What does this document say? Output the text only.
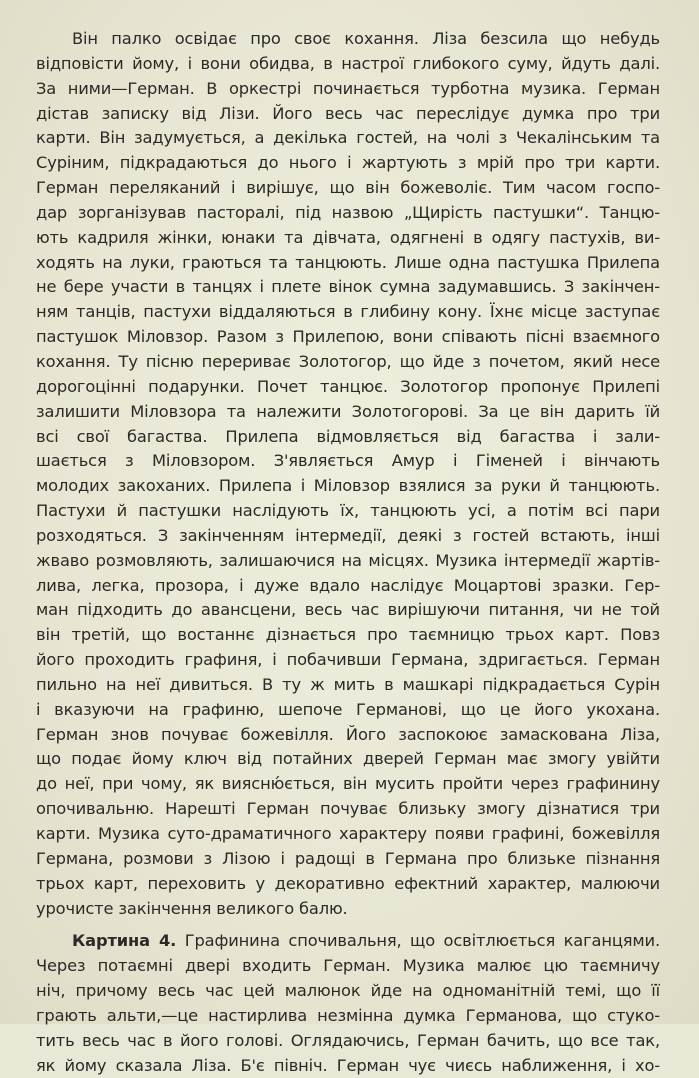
Він палко освідає про своє кохання. Ліза безсила що небудь
відповісти йому, і вони обидва, в настрої глибокого суму, йдуть далі.
За ними—Герман. В оркестрі починається турботна музика. Герман
дістав записку від Лізи. Його весь час переслідує думка про три
карти. Він задумується, а декілька гостей, на чолі з Чекалінським та
Суріним, підкрадаються до нього і жартують з мрій про три карти.
Герман переляканий і вирішує, що він божеволіє. Тим часом госпо-
дар зорганізував пасторалі, під назвою „Щирість пастушки“. Танцю-
ють кадриля жінки, юнаки та дівчата, одягнені в одягу пастухів, ви-
ходять на луки, граються та танцюють. Лише одна пастушка Прилепа
не бере участи в танцях і плете вінок сумна задумавшись. З закінчен-
ням танців, пастухи віддаляються в глибину кону. Їхнє місце заступає
пастушок Міловзор. Разом з Прилепою, вони співають пісні взаємного
кохання. Ту пісню перериває Золотогор, що йде з почетом, який несе
дорогоцінні подарунки. Почет танцює. Золотогор пропонує Прилепі
залишити Міловзора та належити Золотогорові. За це він дарить їй
всі свої багаства. Прилепа відмовляється від багаства і зали-
шається з Міловзором. З'являється Амур і Гіменей і вінчають
молодих закоханих. Прилепа і Міловзор взялися за руки й танцюють.
Пастухи й пастушки наслідують їх, танцюють усі, а потім всі пари
розходяться. З закінченням інтермедії, деякі з гостей встають, інші
жваво розмовляють, залишаючися на місцях. Музика інтермедії жартів-
лива, легка, прозора, і дуже вдало наслідує Моцартові зразки. Гер-
ман підходить до авансцени, весь час вирішуючи питання, чи не той
він третій, що востаннє дізнається про таємницю трьох карт. Повз
його проходить графиня, і побачивши Германа, здригається. Герман
пильно на неї дивиться. В ту ж мить в машкарі підкрадається Сурін
і вказуючи на графиню, шепоче Германові, що це його укохана.
Герман знов почуває божевілля. Його заспокоює замаскована Ліза,
що подає йому ключ від потайних дверей Герман має змогу увійти
до неї, при чому, як виясню́ється, він мусить пройти через графинину
опочивальню. Нарешті Герман почуває близьку змогу дізнатися три
карти. Музика суто-драматичного характеру появи графині, божевілля
Германа, розмови з Лізою і радощі в Германа про близьке пізнання
трьох карт, переховить у декоративно ефектний характер, малюючи
урочисте закінчення великого балю.
Картина 4. Графинина спочивальня, що освітлюється каганцями.
Через потаємні двері входить Герман. Музика малює цю таємничу
ніч, причому весь час цей малюнок йде на одноманітній темі, що її
грають альти,—це настирлива незмінна думка Германова, що стуко-
тить весь час в його голові. Оглядаючись, Герман бачить, що все так,
як йому сказала Ліза. Б'є північ. Герман чує чиєсь наближення, і хо-
